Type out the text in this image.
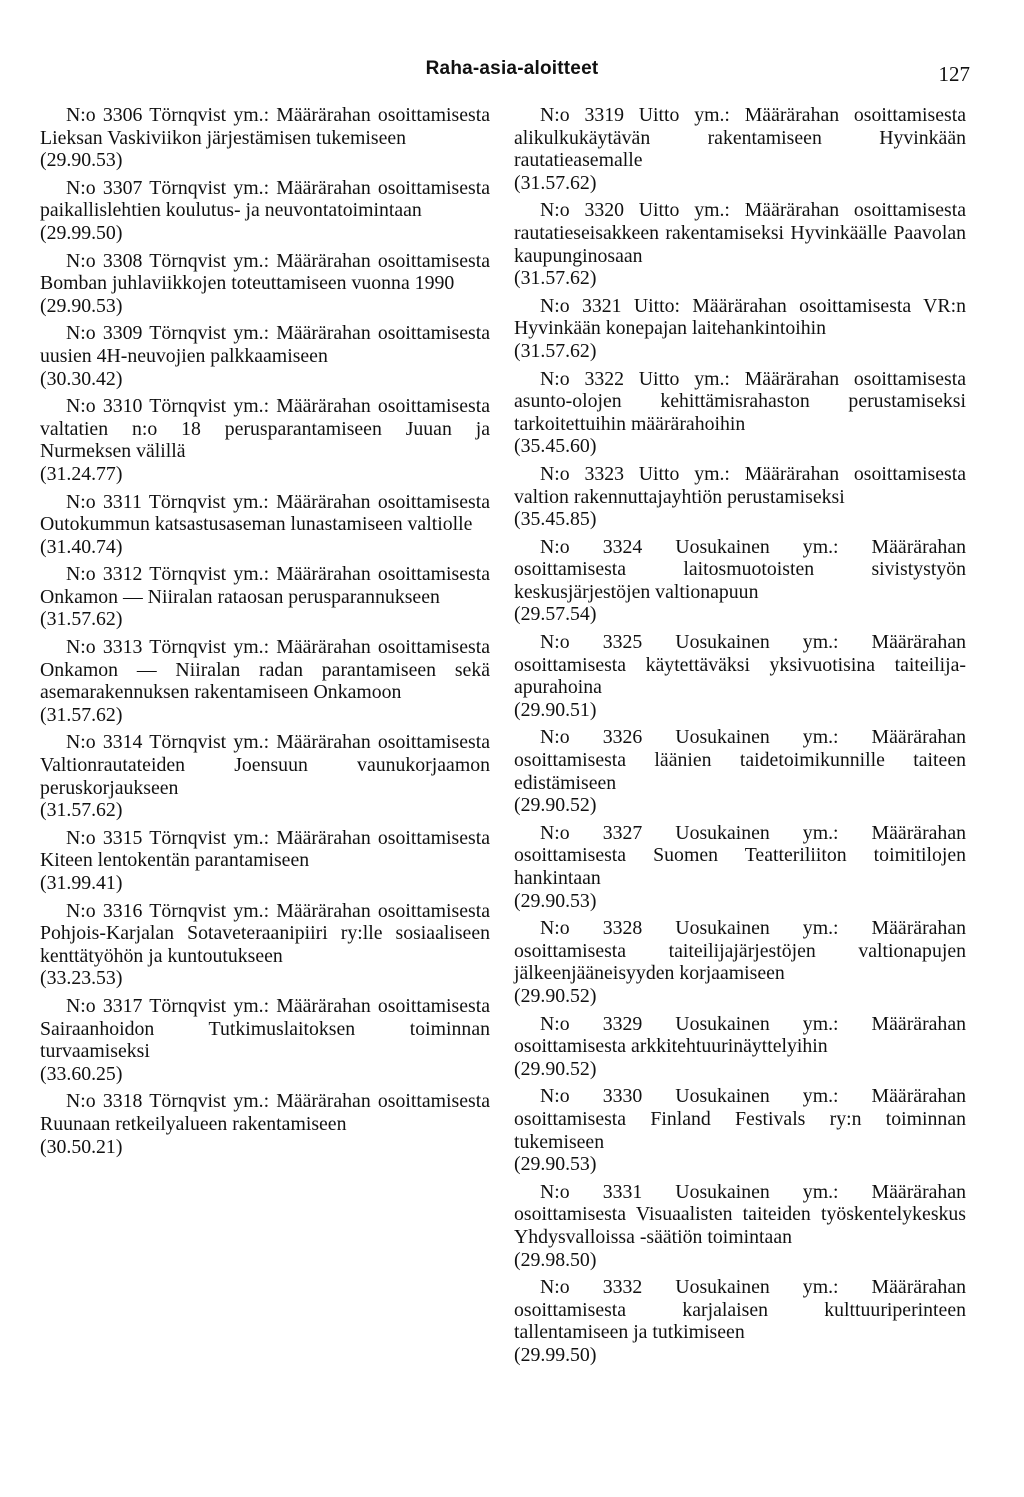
Raha-asia-aloitteet	127
N:o 3306 Törnqvist ym.: Määrärahan osoittamisesta Lieksan Vaskiviikon järjestämisen tukemiseen
(29.90.53)
N:o 3307 Törnqvist ym.: Määrärahan osoittamisesta paikallislehtien koulutus- ja neuvontatoimintaan
(29.99.50)
N:o 3308 Törnqvist ym.: Määrärahan osoittamisesta Bomban juhlaviikkojen toteuttamiseen vuonna 1990
(29.90.53)
N:o 3309 Törnqvist ym.: Määrärahan osoittamisesta uusien 4H-neuvojien palkkaamiseen
(30.30.42)
N:o 3310 Törnqvist ym.: Määrärahan osoittamisesta valtatien n:o 18 perusparantamiseen Juuan ja Nurmeksen välillä
(31.24.77)
N:o 3311 Törnqvist ym.: Määrärahan osoittamisesta Outokummun katsastusaseman lunastamiseen valtiolle
(31.40.74)
N:o 3312 Törnqvist ym.: Määrärahan osoittamisesta Onkamon — Niiralan rataosan perusparannukseen
(31.57.62)
N:o 3313 Törnqvist ym.: Määrärahan osoittamisesta Onkamon — Niiralan radan parantamiseen sekä asemarakennuksen rakentamiseen Onkamoon
(31.57.62)
N:o 3314 Törnqvist ym.: Määrärahan osoittamisesta Valtionrautateiden Joensuun vaunukorjaamon peruskorjaukseen
(31.57.62)
N:o 3315 Törnqvist ym.: Määrärahan osoittamisesta Kiteen lentokentän parantamiseen
(31.99.41)
N:o 3316 Törnqvist ym.: Määrärahan osoittamisesta Pohjois-Karjalan Sotaveteraanipiiri ry:lle sosiaaliseen kenttätyöhön ja kuntoutukseen
(33.23.53)
N:o 3317 Törnqvist ym.: Määrärahan osoittamisesta Sairaanhoidon Tutkimuslaitoksen toiminnan turvaamiseksi
(33.60.25)
N:o 3318 Törnqvist ym.: Määrärahan osoittamisesta Ruunaan retkeilyalueen rakentamiseen
(30.50.21)
N:o 3319 Uitto ym.: Määrärahan osoittamisesta alikulkukäytävän rakentamiseen Hyvinkään rautatieasemalle
(31.57.62)
N:o 3320 Uitto ym.: Määrärahan osoittamisesta rautatieseisakkeen rakentamiseksi Hyvinkäälle Paavolan kaupunginosaan
(31.57.62)
N:o 3321 Uitto: Määrärahan osoittamisesta VR:n Hyvinkään konepajan laitehankintoihin
(31.57.62)
N:o 3322 Uitto ym.: Määrärahan osoittamisesta asunto-olojen kehittämisrahaston perustamiseksi tarkoitettuihin määrärahoihin
(35.45.60)
N:o 3323 Uitto ym.: Määrärahan osoittamisesta valtion rakennuttajayhtiön perustamiseksi
(35.45.85)
N:o 3324 Uosukainen ym.: Määrärahan osoittamisesta laitosmuotoisten sivistystyön keskusjärjestöjen valtionapuun
(29.57.54)
N:o 3325 Uosukainen ym.: Määrärahan osoittamisesta käytettäväksi yksivuotisina taiteilija-apurahoina
(29.90.51)
N:o 3326 Uosukainen ym.: Määrärahan osoittamisesta läänien taidetoimikunnille taiteen edistämiseen
(29.90.52)
N:o 3327 Uosukainen ym.: Määrärahan osoittamisesta Suomen Teatteriliiton toimitilojen hankintaan
(29.90.53)
N:o 3328 Uosukainen ym.: Määrärahan osoittamisesta taiteilijajärjestöjen valtionapujen jälkeenjääneisyyden korjaamiseen
(29.90.52)
N:o 3329 Uosukainen ym.: Määrärahan osoittamisesta arkkitehtuurinäyttelyihin
(29.90.52)
N:o 3330 Uosukainen ym.: Määrärahan osoittamisesta Finland Festivals ry:n toiminnan tukemiseen
(29.90.53)
N:o 3331 Uosukainen ym.: Määrärahan osoittamisesta Visuaalisten taiteiden työskentelykeskus Yhdysvalloissa -säätiön toimintaan
(29.98.50)
N:o 3332 Uosukainen ym.: Määrärahan osoittamisesta karjalaisen kulttuuriperinteen tallentamiseen ja tutkimiseen
(29.99.50)
